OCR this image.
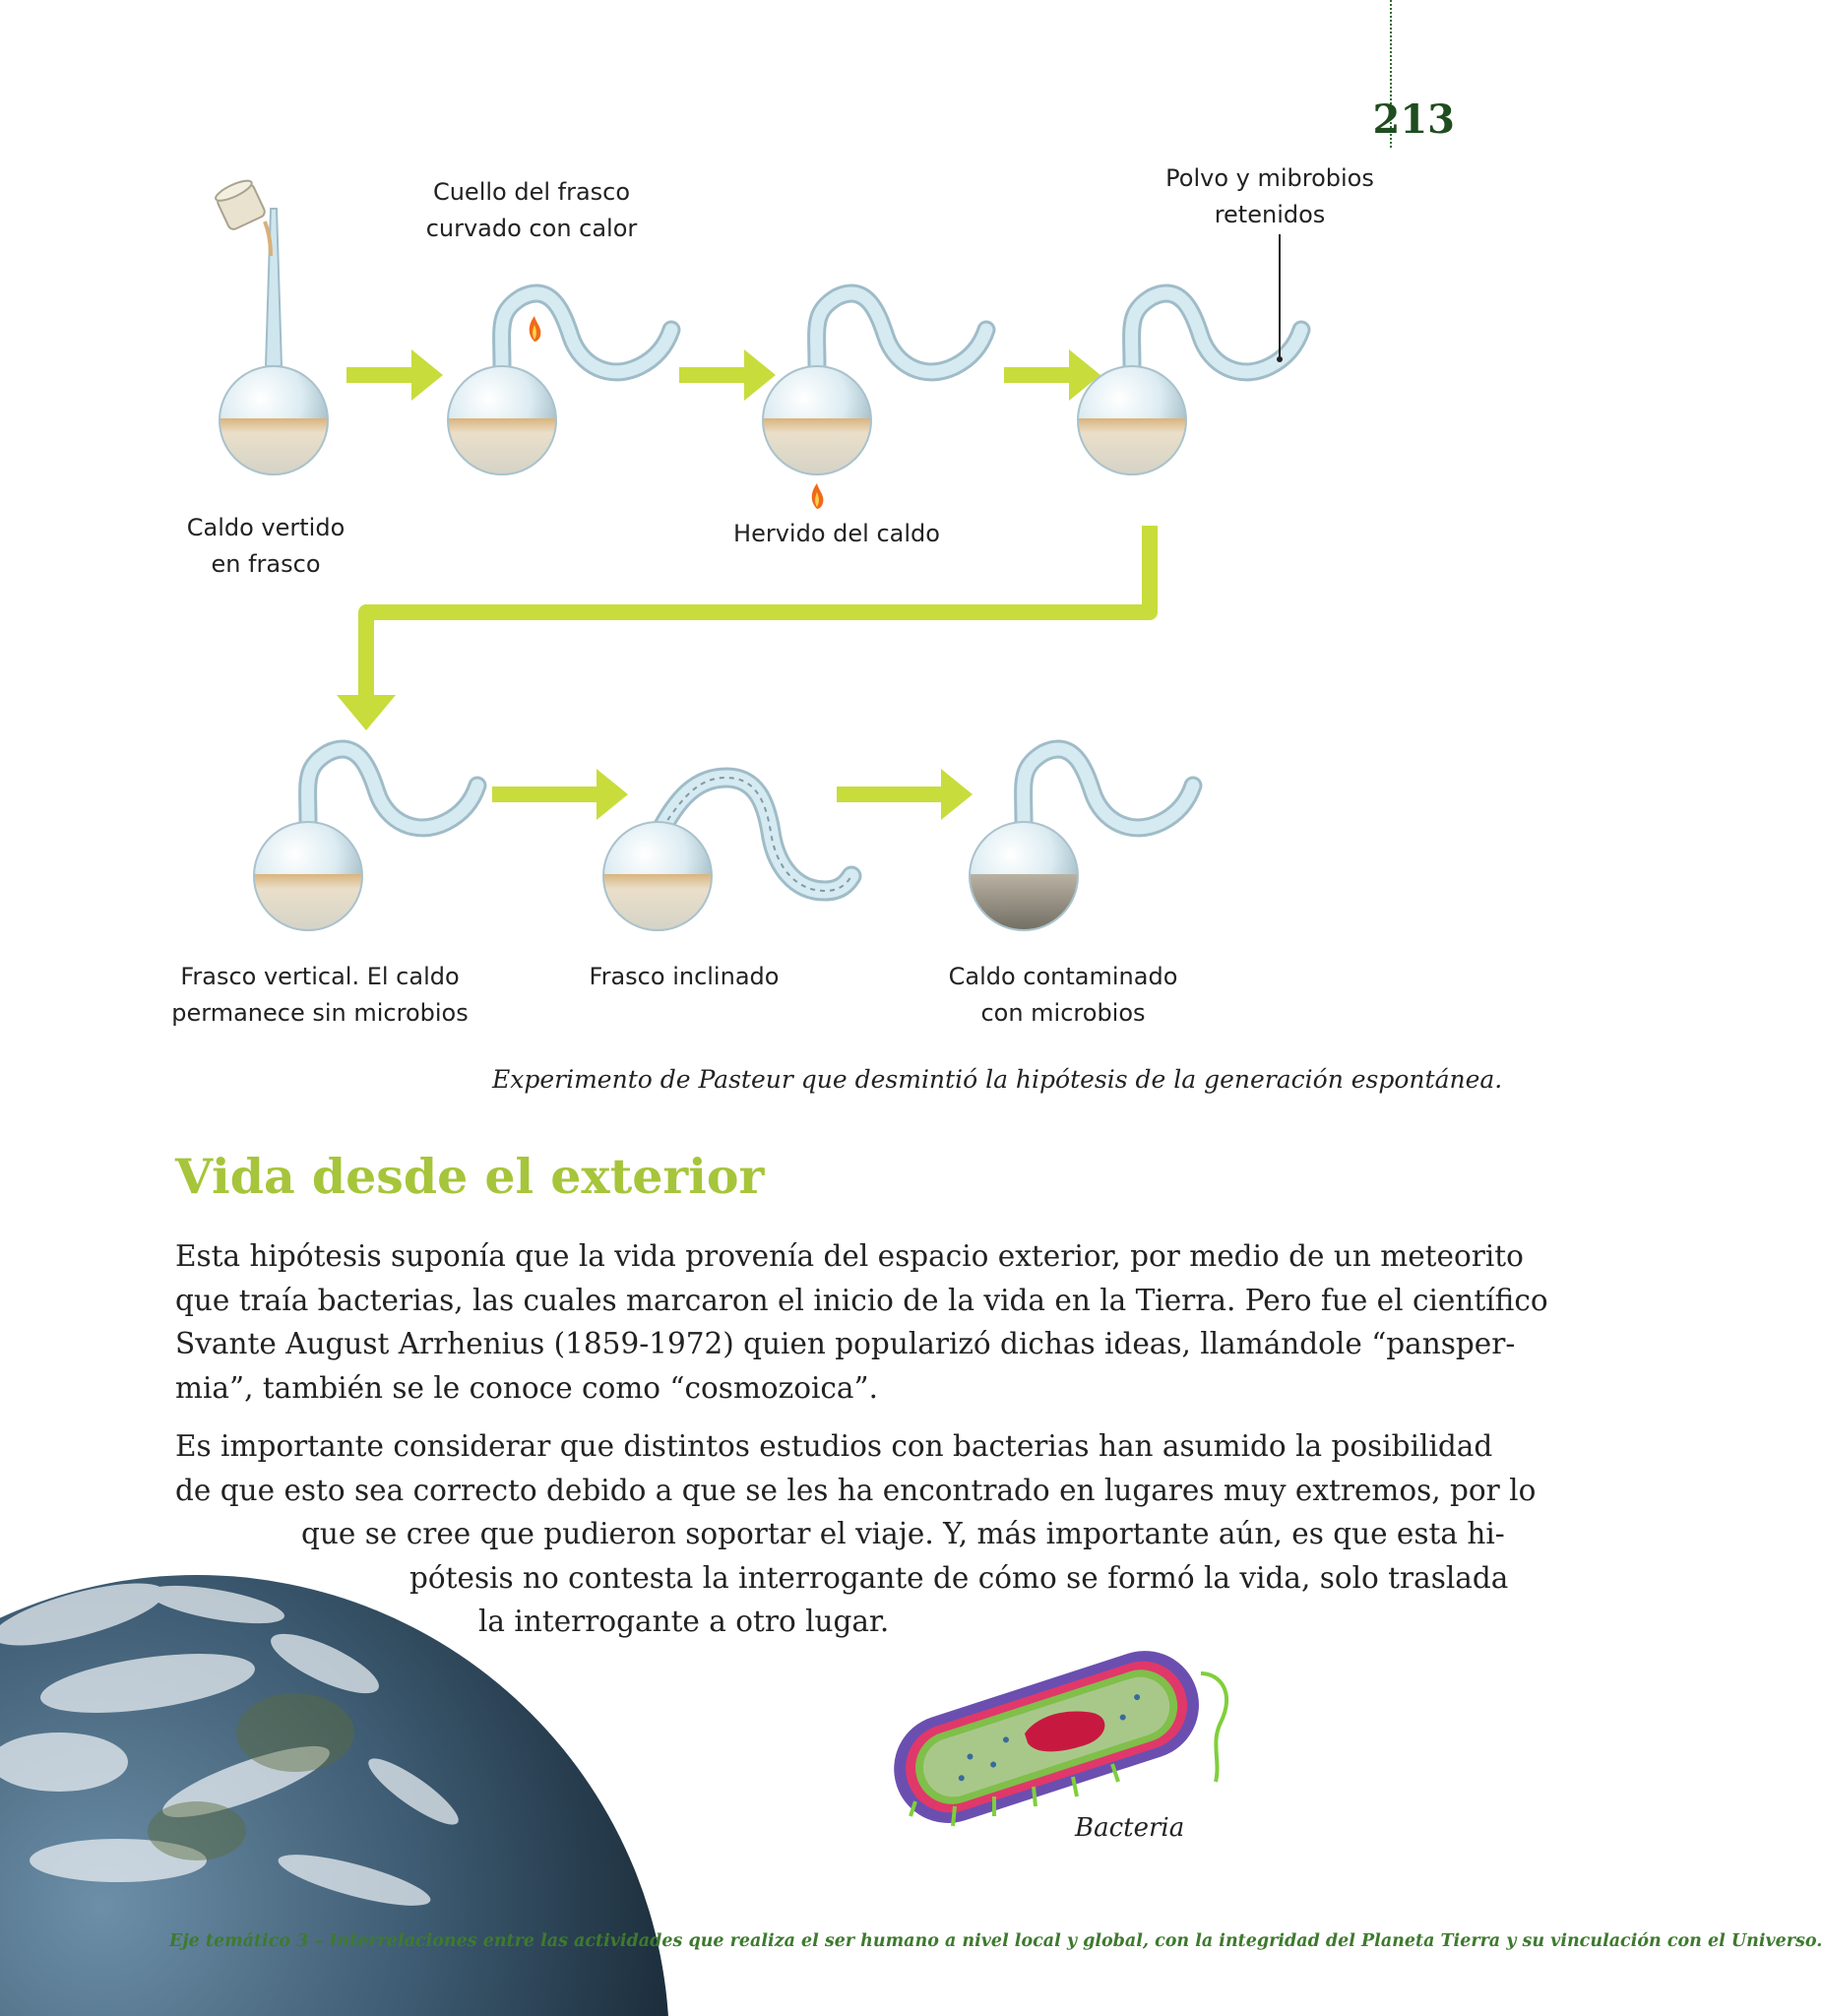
213
Cuello del frasco
curvado con calor
Polvo y mibrobios
retenidos
Caldo vertido
en frasco
Hervido del caldo
Frasco vertical. El caldo
permanece sin microbios
Frasco inclinado	Caldo contaminado
con microbios
Experimento de Pasteur que desmintió la hipótesis de la generación espontánea.
Vida desde el exterior
Esta hipótesis suponía que la vida provenía del espacio exterior, por medio de un meteorito
que traía bacterias, las cuales marcaron el inicio de la vida en la Tierra. Pero fue el científico
Svante August Arrhenius (1859-1972) quien popularizó dichas ideas, llamándole “pansper-
mia”, también se le conoce como “cosmozoica”.
Es importante considerar que distintos estudios con bacterias han asumido la posibilidad
de que esto sea correcto debido a que se les ha encontrado en lugares muy extremos, por lo
que se cree que pudieron soportar el viaje. Y, más importante aún, es que esta hi-
pótesis no contesta la interrogante de cómo se formó la vida, solo traslada
la interrogante a otro lugar.
Bacteria
Eje temático 3 – Interrelaciones entre las actividades que realiza el ser humano a nivel local y global, con la integridad del Planeta Tierra y su vinculación con el Universo.
